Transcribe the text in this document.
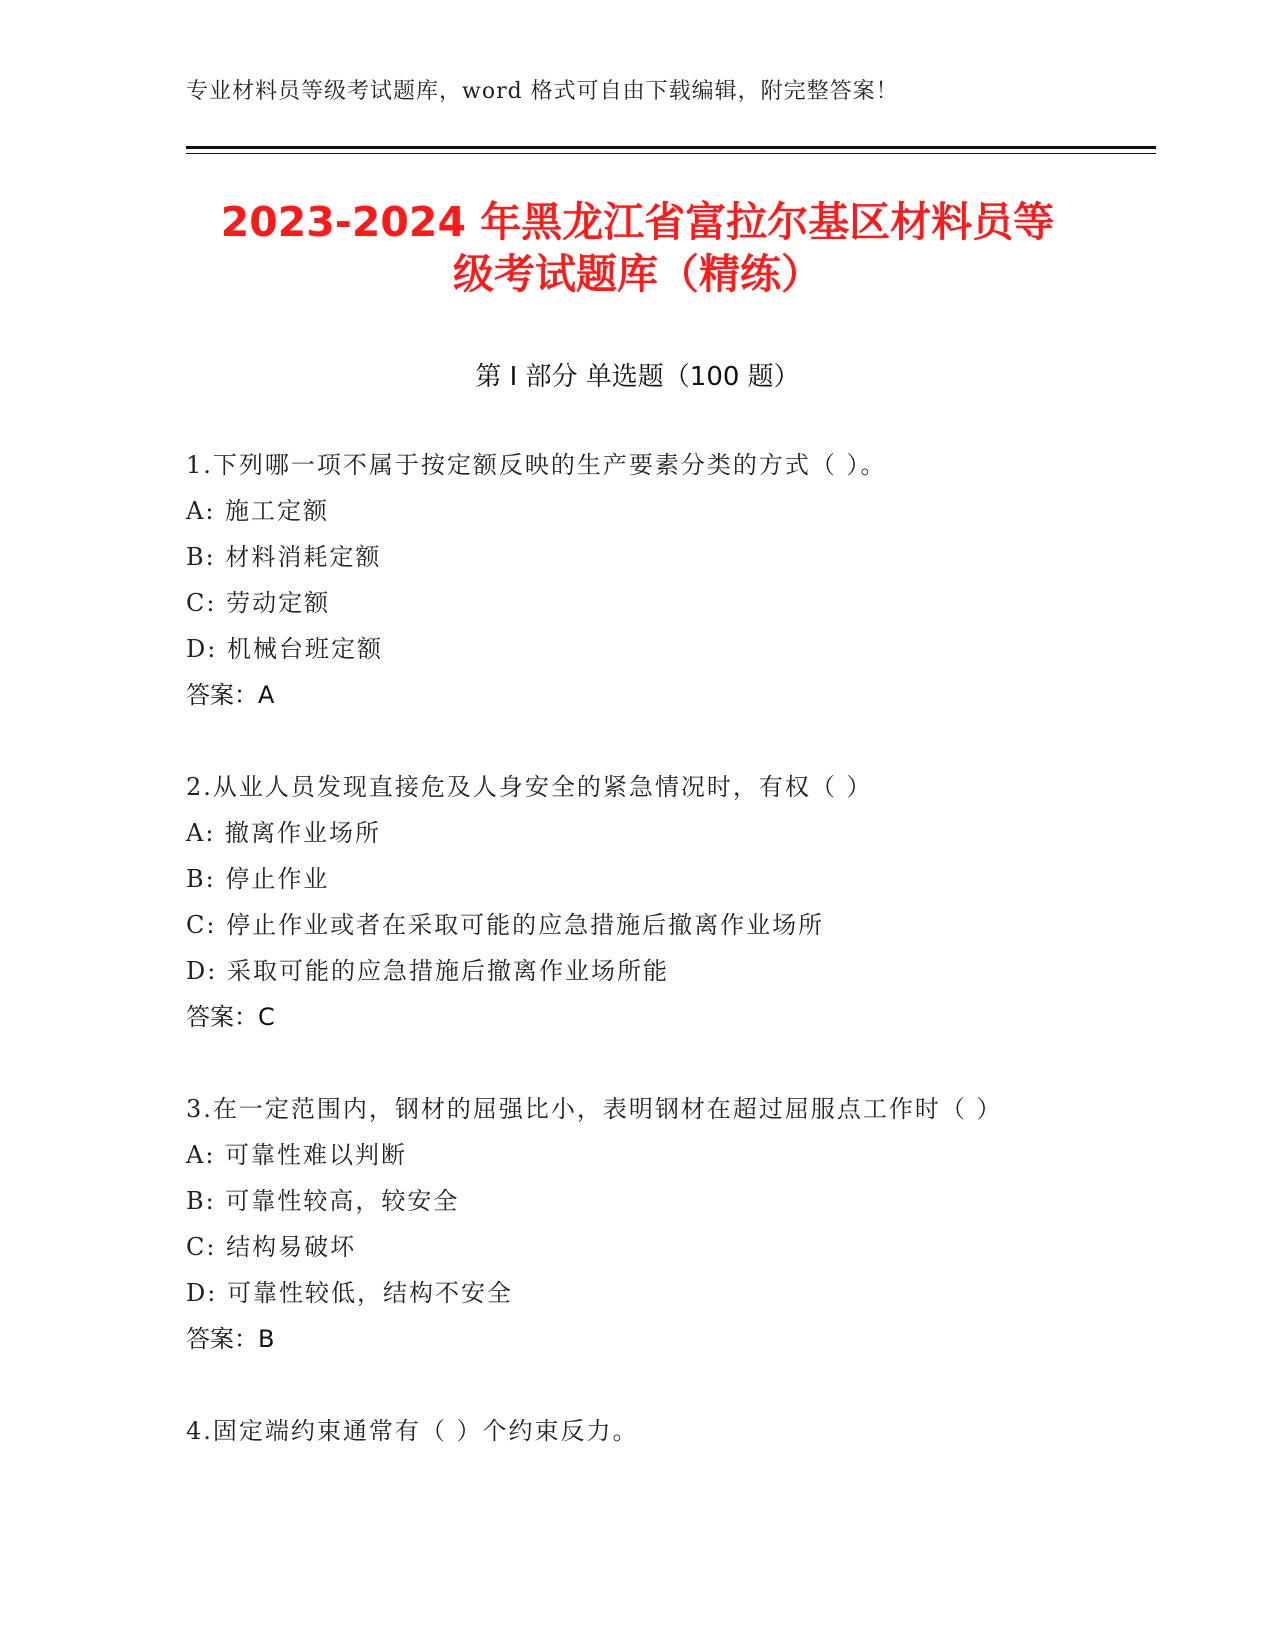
专业材料员等级考试题库，word 格式可自由下载编辑，附完整答案！
2023-2024 年黑龙江省富拉尔基区材料员等
级考试题库（精练）
第 I 部分 单选题（100 题）
1.下列哪一项不属于按定额反映的生产要素分类的方式（ ）。
A: 施工定额
B: 材料消耗定额
C: 劳动定额
D: 机械台班定额
答案：A
2.从业人员发现直接危及人身安全的紧急情况时，有权（ ）
A: 撤离作业场所
B: 停止作业
C: 停止作业或者在采取可能的应急措施后撤离作业场所
D: 采取可能的应急措施后撤离作业场所能
答案：C
3.在一定范围内，钢材的屈强比小，表明钢材在超过屈服点工作时（ ）
A: 可靠性难以判断
B: 可靠性较高，较安全
C: 结构易破坏
D: 可靠性较低，结构不安全
答案：B
4.固定端约束通常有（ ）个约束反力。
